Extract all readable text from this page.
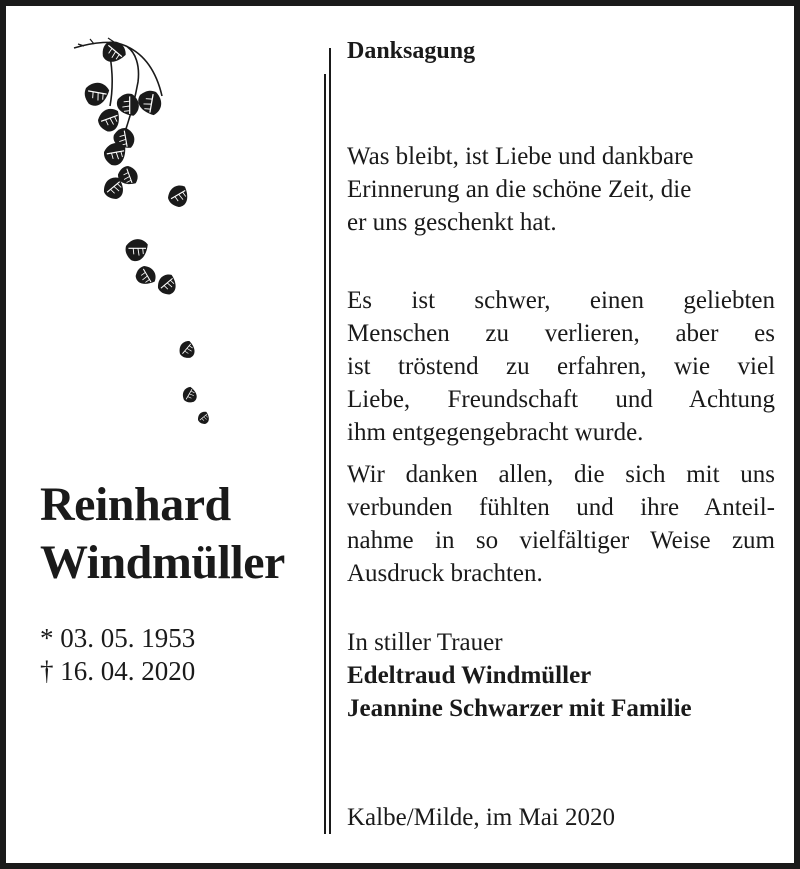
Reinhard
Windmüller
* 03. 05. 1953
† 16. 04. 2020
Danksagung
Was bleibt, ist Liebe und dankbare
Erinnerung an die schöne Zeit, die
er uns geschenkt hat.
Es ist schwer, einen geliebten
Menschen zu verlieren, aber es
ist tröstend zu erfahren, wie viel
Liebe, Freundschaft und Achtung
ihm entgegengebracht wurde.
Wir danken allen, die sich mit uns
verbunden fühlten und ihre Anteil-
nahme in so vielfältiger Weise zum
Ausdruck brachten.
In stiller Trauer
Edeltraud Windmüller
Jeannine Schwarzer mit Familie
Kalbe/Milde, im Mai 2020
